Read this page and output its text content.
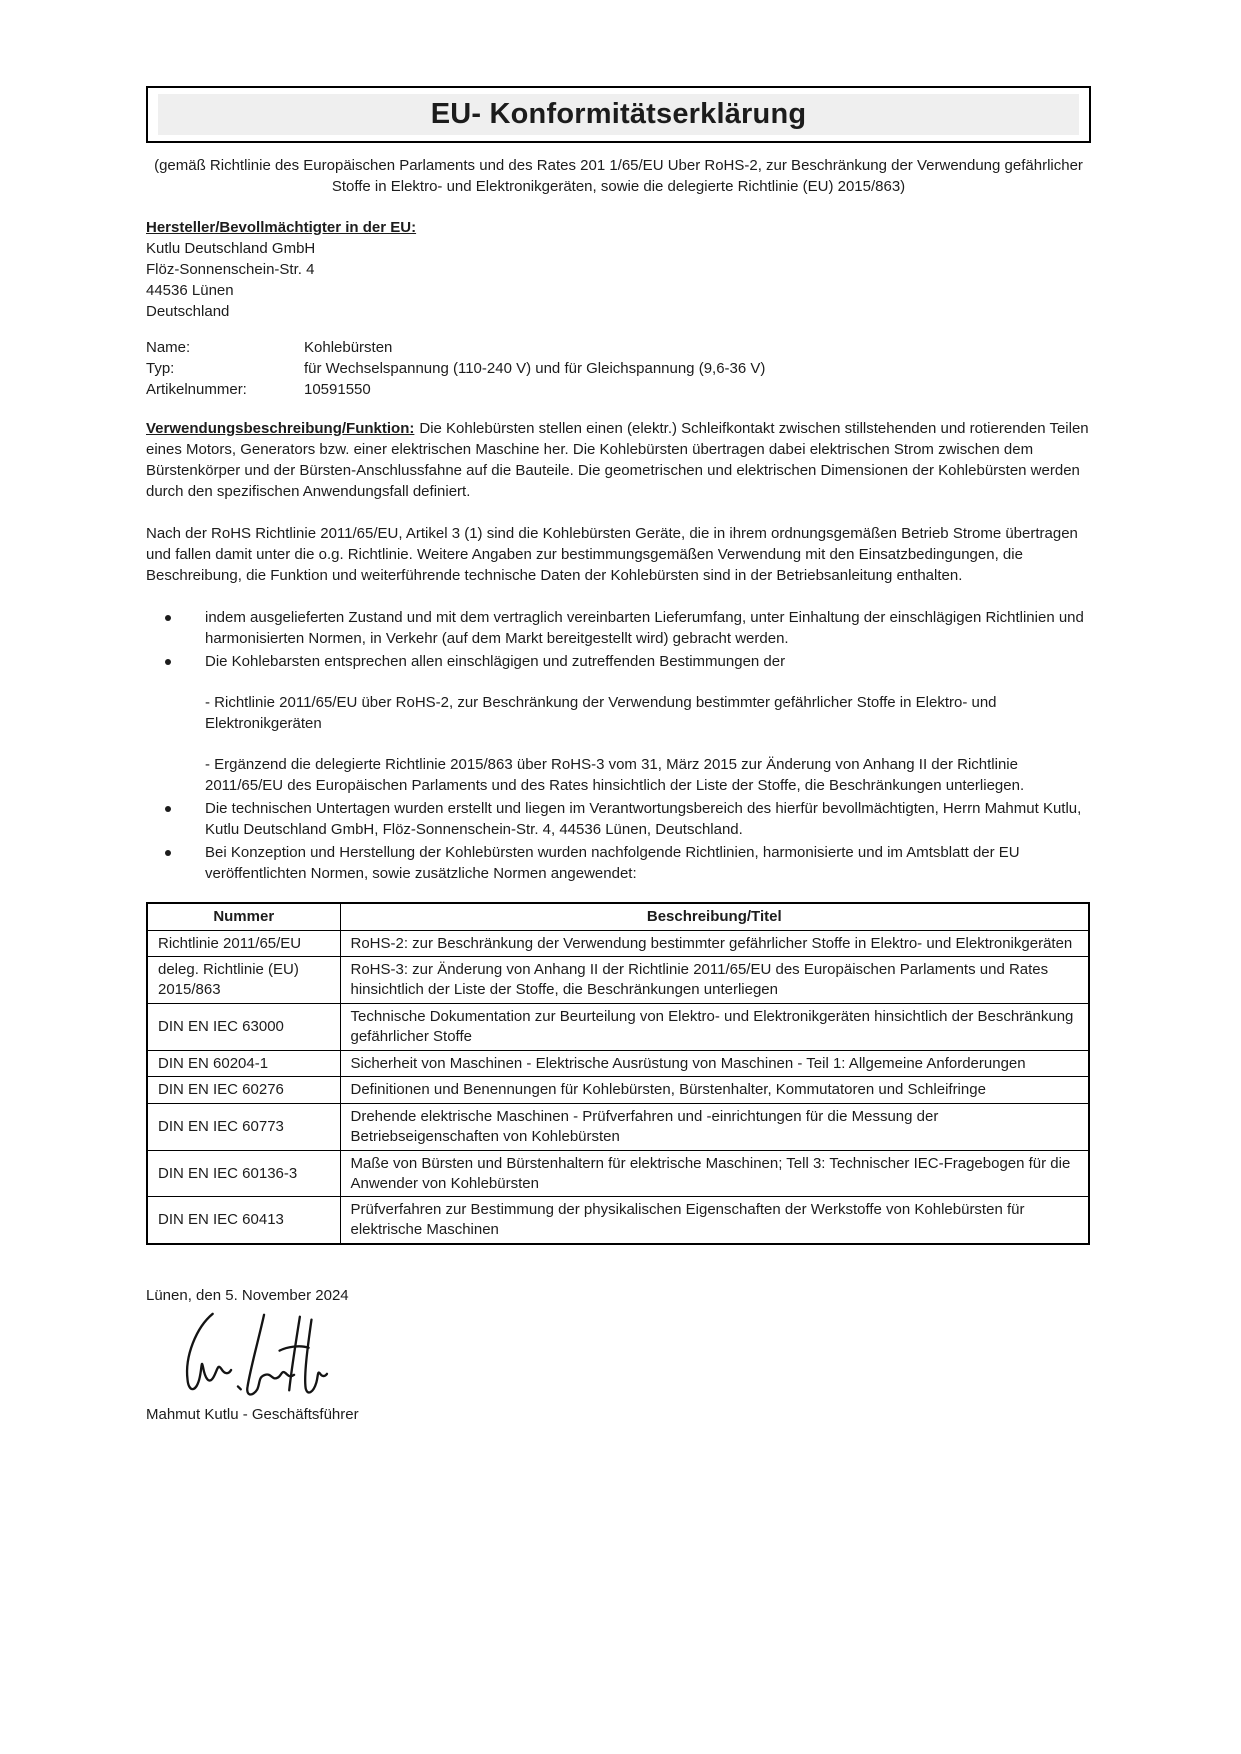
EU- Konformitätserklärung

(gemäß Richtlinie des Europäischen Parlaments und des Rates 201 1/65/EU Uber RoHS-2, zur Beschränkung der Verwendung gefährlicher Stoffe in Elektro- und Elektronikgeräten, sowie die delegierte Richtlinie (EU) 2015/863)

Hersteller/Bevollmächtigter in der EU:
Kutlu Deutschland GmbH
Flöz-Sonnenschein-Str. 4
44536 Lünen
Deutschland
Name:	Kohlebürsten
Typ:	für Wechselspannung (110-240 V) und für Gleichspannung (9,6-36 V)
Artikelnummer:	10591550

Verwendungsbeschreibung/Funktion: Die Kohlebürsten stellen einen (elektr.) Schleifkontakt zwischen stillstehenden und rotierenden Teilen eines Motors, Generators bzw. einer elektrischen Maschine her. Die Kohlebürsten übertragen dabei elektrischen Strom zwischen dem Bürstenkörper und der Bürsten-Anschlussfahne auf die Bauteile. Die geometrischen und elektrischen Dimensionen der Kohlebürsten werden durch den spezifischen Anwendungsfall definiert.

Nach der RoHS Richtlinie 2011/65/EU, Artikel 3 (1) sind die Kohlebürsten Geräte, die in ihrem ordnungsgemäßen Betrieb Strome übertragen und fallen damit unter die o.g. Richtlinie. Weitere Angaben zur bestimmungsgemäßen Verwendung mit den Einsatzbedingungen, die Beschreibung, die Funktion und weiterführende technische Daten der Kohlebürsten sind in der Betriebsanleitung enthalten.

indem ausgelieferten Zustand und mit dem vertraglich vereinbarten Lieferumfang, unter Einhaltung der einschlägigen Richtlinien und harmonisierten Normen, in Verkehr (auf dem Markt bereitgestellt wird) gebracht werden.
Die Kohlebarsten entsprechen allen einschlägigen und zutreffenden Bestimmungen der

- Richtlinie 2011/65/EU über RoHS-2, zur Beschränkung der Verwendung bestimmter gefährlicher Stoffe in Elektro- und Elektronikgeräten

- Ergänzend die delegierte Richtlinie 2015/863 über RoHS-3 vom 31, März 2015 zur Änderung von Anhang II der Richtlinie 2011/65/EU des Europäischen Parlaments und des Rates hinsichtlich der Liste der Stoffe, die Beschränkungen unterliegen.

Die technischen Untertagen wurden erstellt und liegen im Verantwortungsbereich des hierfür bevollmächtigten, Herrn Mahmut Kutlu, Kutlu Deutschland GmbH, Flöz-Sonnenschein-Str. 4, 44536 Lünen, Deutschland.
Bei Konzeption und Herstellung der Kohlebürsten wurden nachfolgende Richtlinien, harmonisierte und im Amtsblatt der EU veröffentlichten Normen, sowie zusätzliche Normen angewendet:
Nummer	Beschreibung/Titel
Richtlinie 2011/65/EU	RoHS-2: zur Beschränkung der Verwendung bestimmter gefährlicher Stoffe in Elektro- und Elektronikgeräten
deleg. Richtlinie (EU) 2015/863	RoHS-3: zur Änderung von Anhang II der Richtlinie 2011/65/EU des Europäischen Parlaments und Rates hinsichtlich der Liste der Stoffe, die Beschränkungen unterliegen
DIN EN IEC 63000	Technische Dokumentation zur Beurteilung von Elektro- und Elektronikgeräten hinsichtlich der Beschränkung gefährlicher Stoffe
DIN EN 60204-1	Sicherheit von Maschinen - Elektrische Ausrüstung von Maschinen - Teil 1: Allgemeine Anforderungen
DIN EN IEC 60276	Definitionen und Benennungen für Kohlebürsten, Bürstenhalter, Kommutatoren und Schleifringe
DIN EN IEC 60773	Drehende elektrische Maschinen - Prüfverfahren und -einrichtungen für die Messung der Betriebseigenschaften von Kohlebürsten
DIN EN IEC 60136-3	Maße von Bürsten und Bürstenhaltern für elektrische Maschinen; Tell 3: Technischer IEC-Fragebogen für die Anwender von Kohlebürsten
DIN EN IEC 60413	Prüfverfahren zur Bestimmung der physikalischen Eigenschaften der Werkstoffe von Kohlebürsten für elektrische Maschinen
Lünen, den 5. November 2024
Mahmut Kutlu - Geschäftsführer
